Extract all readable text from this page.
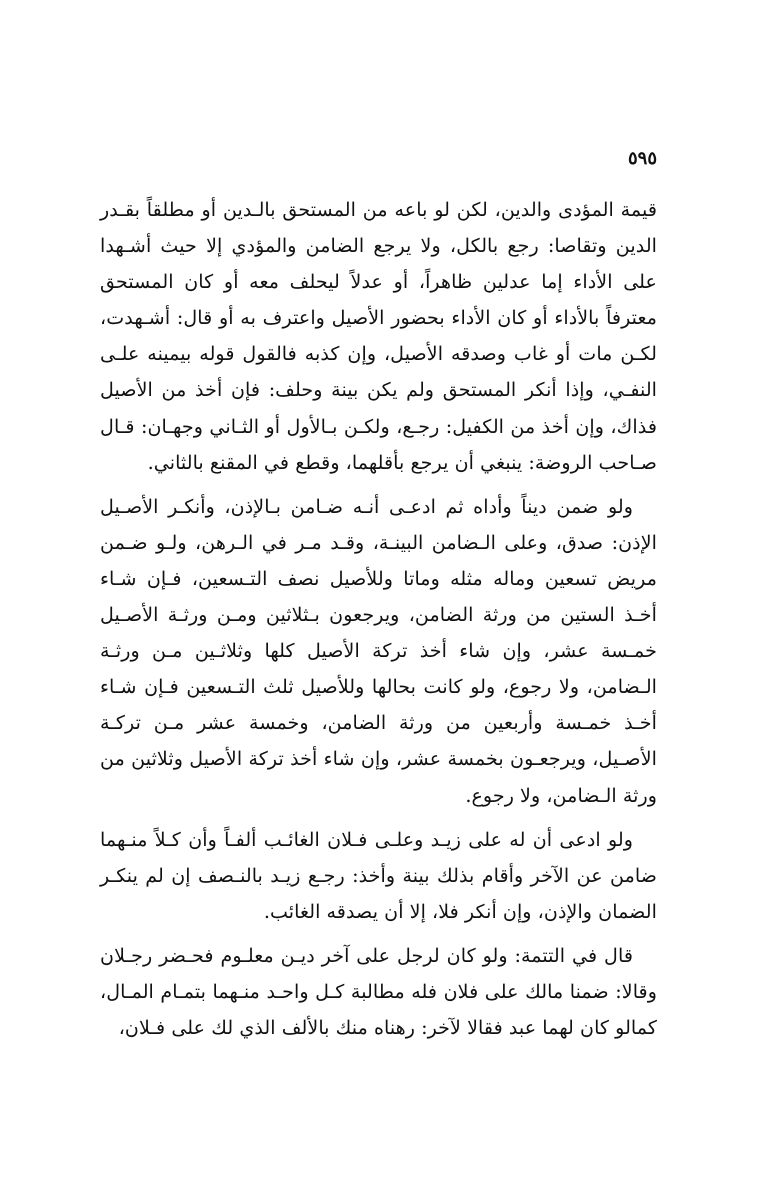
٥٩٥

قيمة المؤدى والدين، لكن لو باعه من المستحق بالـدين أو مطلقاً بقـدر الدين وتقاصا: رجع بالكل، ولا يرجع الضامن والمؤدي إلا حيث أشـهدا على الأداء إما عدلين ظاهراً، أو عدلاً ليحلف معه أو كان المستحق معترفاً بالأداء أو كان الأداء بحضور الأصيل واعترف به أو قال: أشـهدت، لكـن مات أو غاب وصدقه الأصيل، وإن كذبه فالقول قوله بيمينه علـى النفـي، وإذا أنكر المستحق ولم يكن بينة وحلف: فإن أخذ من الأصيل فذاك، وإن أخذ من الكفيل: رجـع، ولكـن بـالأول أو الثـاني وجهـان: قـال صـاحب الروضة: ينبغي أن يرجع بأقلهما، وقطع في المقنع بالثاني.

ولو ضمن ديناً وأداه ثم ادعـى أنـه ضـامن بـالإذن، وأنكـر الأصـيل الإذن: صدق، وعلى الـضامن البينـة، وقـد مـر في الـرهن، ولـو ضـمن مريض تسعين وماله مثله وماتا وللأصيل نصف التـسعين، فـإن شـاء أخـذ الستين من ورثة الضامن، ويرجعون بـثلاثين ومـن ورثـة الأصـيل خمـسة عشر، وإن شاء أخذ تركة الأصيل كلها وثلاثـين مـن ورثـة الـضامن، ولا رجوع، ولو كانت بحالها وللأصيل ثلث التـسعين فـإن شـاء أخـذ خمـسة وأربعين من ورثة الضامن، وخمسة عشر مـن تركـة الأصـيل، ويرجعـون بخمسة عشر، وإن شاء أخذ تركة الأصيل وثلاثين من ورثة الـضامن، ولا رجوع.

ولو ادعى أن له على زيـد وعلـى فـلان الغائـب ألفـاً وأن كـلاً منـهما ضامن عن الآخر وأقام بذلك بينة وأخذ: رجـع زيـد بالنـصف إن لم ينكـر الضمان والإذن، وإن أنكر فلا، إلا أن يصدقه الغائب.

قال في التتمة: ولو كان لرجل على آخر ديـن معلـوم فحـضر رجـلان وقالا: ضمنا مالك على فلان فله مطالبة كـل واحـد منـهما بتمـام المـال، كمالو كان لهما عبد فقالا لآخر: رهناه منك بالألف الذي لك على فـلان،
